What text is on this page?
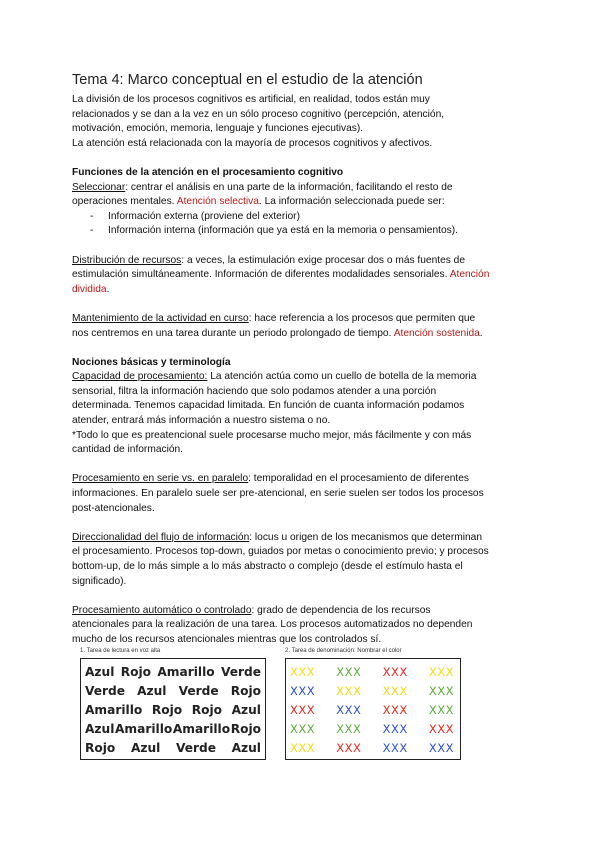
Tema 4: Marco conceptual en el estudio de la atención

La división de los procesos cognitivos es artificial, en realidad, todos están muy

relacionados y se dan a la vez en un sólo proceso cognitivo (percepción, atención,

motivación, emoción, memoria, lenguaje y funciones ejecutivas).

La atención está relacionada con la mayoría de procesos cognitivos y afectivos.

Funciones de la atención en el procesamiento cognitivo

Seleccionar: centrar el análisis en una parte de la información, facilitando el resto de

operaciones mentales. Atención selectiva. La información seleccionada puede ser:

- Información externa (proviene del exterior)
- Información interna (información que ya está en la memoria o pensamientos).

Distribución de recursos: a veces, la estimulación exige procesar dos o más fuentes de

estimulación simultáneamente. Información de diferentes modalidades sensoriales. Atención

dividida.

Mantenimiento de la actividad en curso: hace referencia a los procesos que permiten que

nos centremos en una tarea durante un periodo prolongado de tiempo. Atención sostenida.

Nociones básicas y terminología

Capacidad de procesamiento: La atención actúa como un cuello de botella de la memoria

sensorial, filtra la información haciendo que solo podamos atender a una porción

determinada. Tenemos capacidad limitada. En función de cuanta información podamos

atender, entrará más información a nuestro sistema o no.

*Todo lo que es preatencional suele procesarse mucho mejor, más fácilmente y con más

cantidad de información.

Procesamiento en serie vs. en paralelo: temporalidad en el procesamiento de diferentes

informaciones. En paralelo suele ser pre-atencional, en serie suelen ser todos los procesos

post-atencionales.

Direccionalidad del flujo de información: locus u origen de los mecanismos que determinan

el procesamiento. Procesos top-down, guiados por metas o conocimiento previo; y procesos

bottom-up, de lo más simple a lo más abstracto o complejo (desde el estímulo hasta el

significado).

Procesamiento automático o controlado: grado de dependencia de los recursos

atencionales para la realización de una tarea. Los procesos automatizados no dependen

mucho de los recursos atencionales mientras que los controlados sí.

1. Tarea de lectura en voz alta
Azul Rojo Amarillo Verde
Verde Azul Verde Rojo
Amarillo Rojo Rojo Azul
Azul Amarillo Amarillo Rojo
Rojo Azul Verde Azul
2. Tarea de denominación: Nombrar el color
XXX XXX XXX XXX
XXX XXX XXX XXX
XXX XXX XXX XXX
XXX XXX XXX XXX
XXX XXX XXX XXX
